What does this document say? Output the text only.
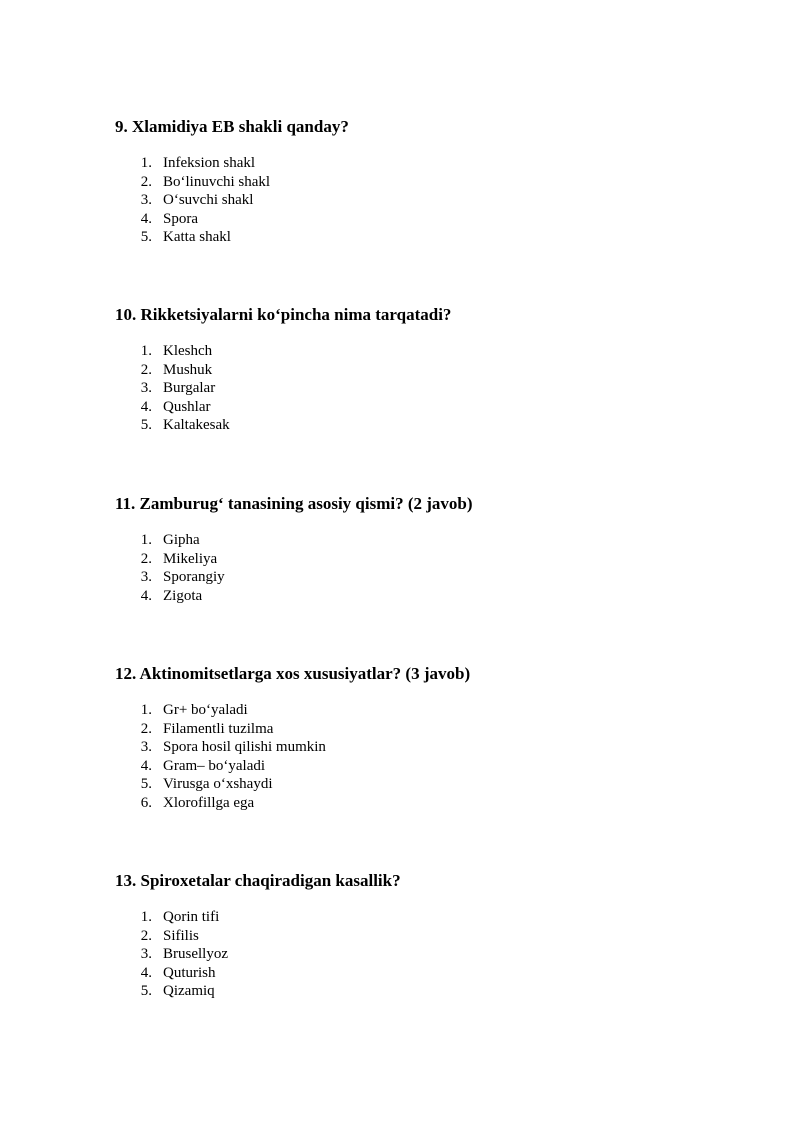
9. Xlamidiya EB shakli qanday?
1. Infeksion shakl
2. Bo‘linuvchi shakl
3. O‘suvchi shakl
4. Spora
5. Katta shakl
10. Rikketsiyalarni ko‘pincha nima tarqatadi?
1. Kleshch
2. Mushuk
3. Burgalar
4. Qushlar
5. Kaltakesak
11. Zamburug‘ tanasining asosiy qismi? (2 javob)
1. Gipha
2. Mikeliya
3. Sporangiy
4. Zigota
12. Aktinomitsetlarga xos xususiyatlar? (3 javob)
1. Gr+ bo‘yaladi
2. Filamentli tuzilma
3. Spora hosil qilishi mumkin
4. Gram– bo‘yaladi
5. Virusga o‘xshaydi
6. Xlorofillga ega
13. Spiroxetalar chaqiradigan kasallik?
1. Qorin tifi
2. Sifilis
3. Brusellyoz
4. Quturish
5. Qizamiq
